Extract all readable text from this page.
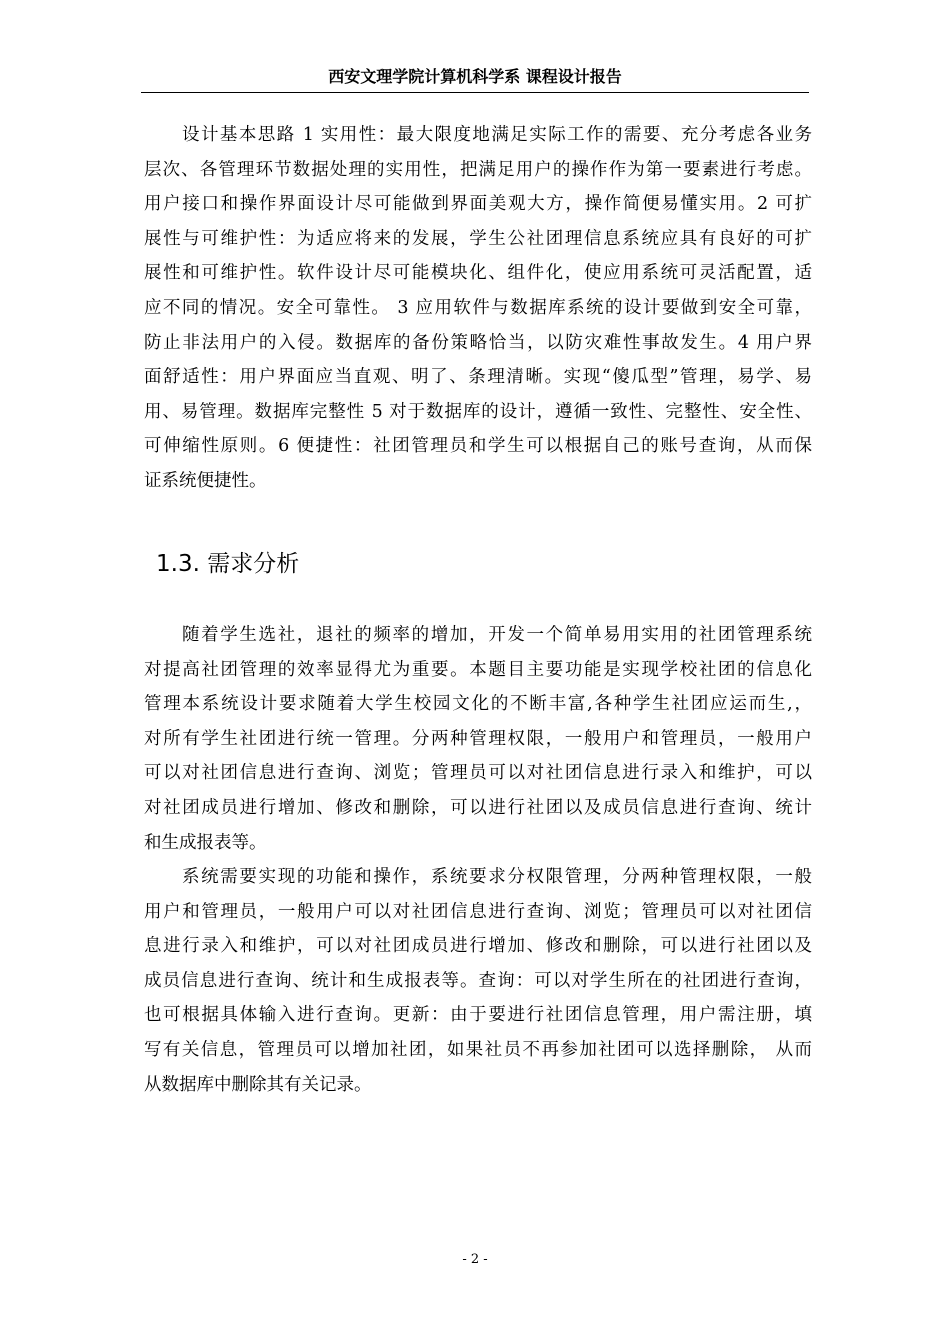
西安文理学院计算机科学系 课程设计报告
设计基本思路 1 实用性：最大限度地满足实际工作的需要、充分考虑各业务
层次、各管理环节数据处理的实用性，把满足用户的操作作为第一要素进行考虑。
用户接口和操作界面设计尽可能做到界面美观大方，操作简便易懂实用。2 可扩
展性与可维护性：为适应将来的发展，学生公社团理信息系统应具有良好的可扩
展性和可维护性。软件设计尽可能模块化、组件化，使应用系统可灵活配置，适
应不同的情况。安全可靠性。 3 应用软件与数据库系统的设计要做到安全可靠，
防止非法用户的入侵。数据库的备份策略恰当，以防灾难性事故发生。4 用户界
面舒适性：用户界面应当直观、明了、条理清晰。实现“傻瓜型”管理，易学、易
用、易管理。数据库完整性 5 对于数据库的设计，遵循一致性、完整性、安全性、
可伸缩性原则。6 便捷性：社团管理员和学生可以根据自己的账号查询，从而保
证系统便捷性。
1.3. 需求分析
随着学生选社，退社的频率的增加，开发一个简单易用实用的社团管理系统
对提高社团管理的效率显得尤为重要。本题目主要功能是实现学校社团的信息化
管理本系统设计要求随着大学生校园文化的不断丰富,各种学生社团应运而生,，
对所有学生社团进行统一管理。分两种管理权限，一般用户和管理员，一般用户
可以对社团信息进行查询、浏览；管理员可以对社团信息进行录入和维护，可以
对社团成员进行增加、修改和删除，可以进行社团以及成员信息进行查询、统计
和生成报表等。
系统需要实现的功能和操作，系统要求分权限管理，分两种管理权限，一般
用户和管理员，一般用户可以对社团信息进行查询、浏览；管理员可以对社团信
息进行录入和维护，可以对社团成员进行增加、修改和删除，可以进行社团以及
成员信息进行查询、统计和生成报表等。查询：可以对学生所在的社团进行查询，
也可根据具体输入进行查询。更新：由于要进行社团信息管理，用户需注册，填
写有关信息，管理员可以增加社团，如果社员不再参加社团可以选择删除， 从而
从数据库中删除其有关记录。
- 2 -
